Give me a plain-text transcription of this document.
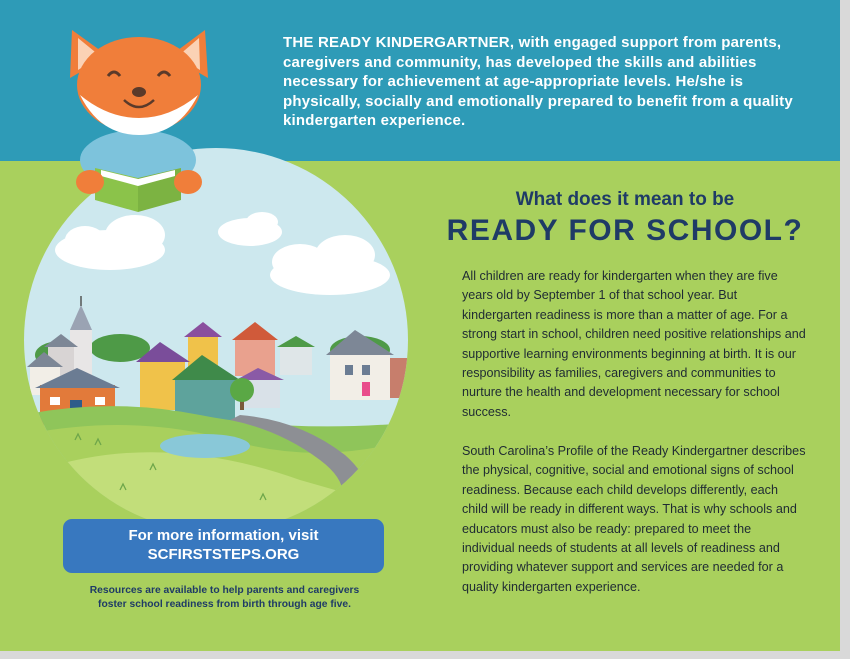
THE READY KINDERGARTNER, with engaged support from parents, caregivers and community, has developed the skills and abilities necessary for achievement at age-appropriate levels. He/she is physically, socially and emotionally prepared to benefit from a quality kindergarten experience.

What does it mean to be

READY FOR SCHOOL?

All children are ready for kindergarten when they are five years old by September 1 of that school year. But kindergarten readiness is more than a matter of age. For a strong start in school, children need positive relationships and supportive learning environments beginning at birth. It is our responsibility as families, caregivers and communities to nurture the health and development necessary for school success.

South Carolina’s Profile of the Ready Kindergartner describes the physical, cognitive, social and emotional signs of school readiness. Because each child develops differently, each child will be ready in different ways. That is why schools and educators must also be ready: prepared to meet the individual needs of students at all levels of readiness and providing whatever support and services are needed for a quality kindergarten experience.

For more information, visit

SCFIRSTSTEPS.ORG

Resources are available to help parents and caregivers
foster school readiness from birth through age five.
